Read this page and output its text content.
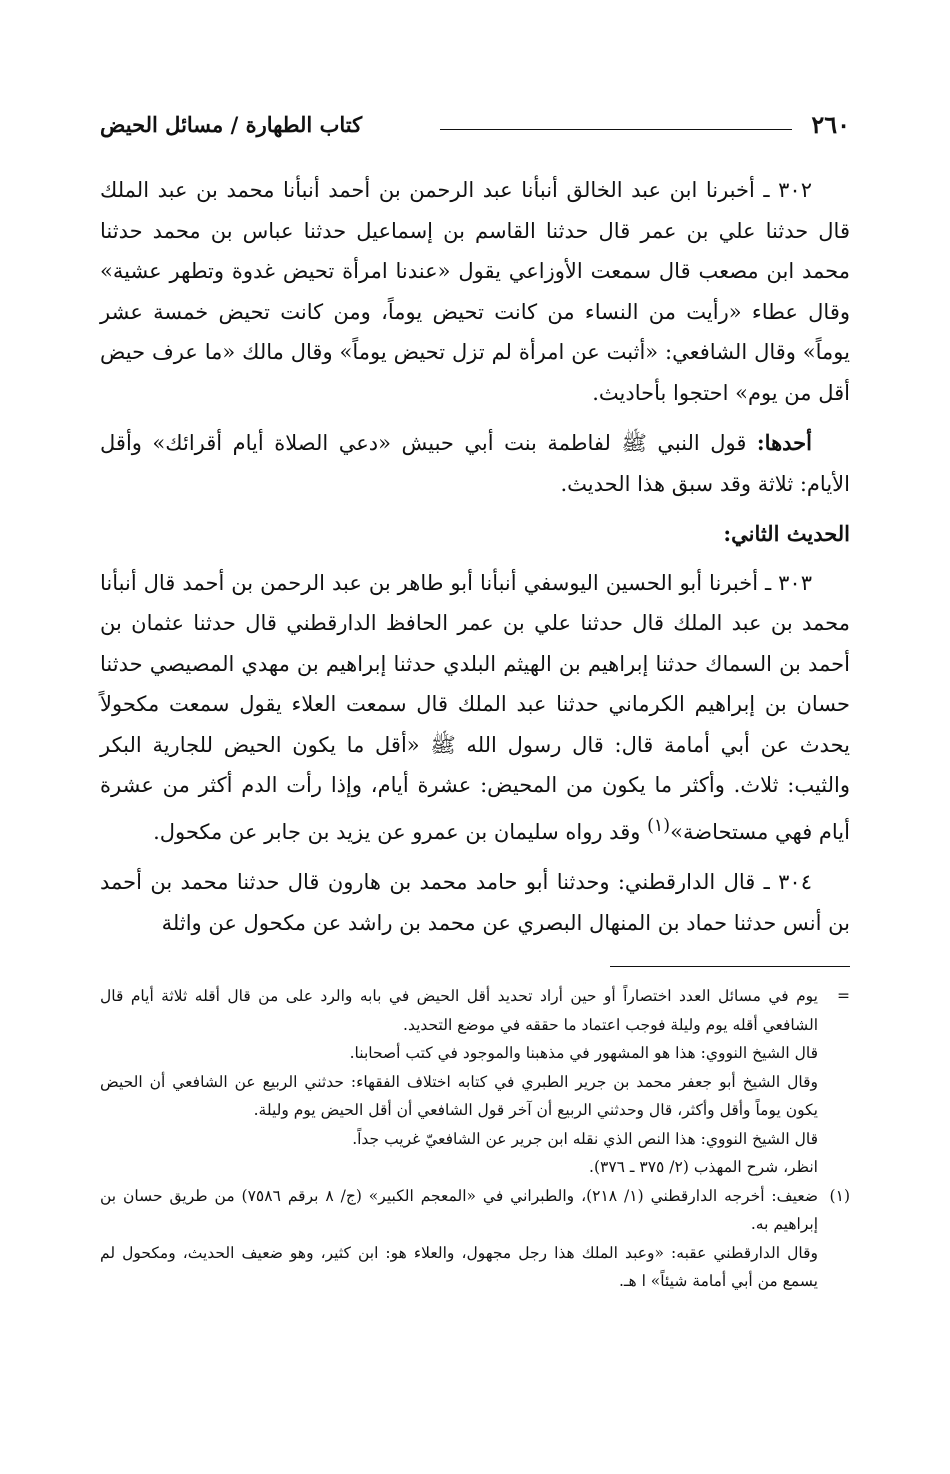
٢٦٠
كتاب الطهارة / مسائل الحيض

٣٠٢ ـ أخبرنا ابن عبد الخالق أنبأنا عبد الرحمن بن أحمد أنبأنا محمد بن عبد الملك قال حدثنا علي بن عمر قال حدثنا القاسم بن إسماعيل حدثنا عباس بن محمد حدثنا محمد ابن مصعب قال سمعت الأوزاعي يقول «عندنا امرأة تحيض غدوة وتطهر عشية» وقال عطاء «رأيت من النساء من كانت تحيض يوماً، ومن كانت تحيض خمسة عشر يوماً» وقال الشافعي: «أثبت عن امرأة لم تزل تحيض يوماً» وقال مالك «ما عرف حيض أقل من يوم» احتجوا بأحاديث.

أحدها: قول النبي ﷺ لفاطمة بنت أبي حبيش «دعي الصلاة أيام أقرائك» وأقل الأيام: ثلاثة وقد سبق هذا الحديث.

الحديث الثاني:

٣٠٣ ـ أخبرنا أبو الحسين اليوسفي أنبأنا أبو طاهر بن عبد الرحمن بن أحمد قال أنبأنا محمد بن عبد الملك قال حدثنا علي بن عمر الحافظ الدارقطني قال حدثنا عثمان بن أحمد بن السماك حدثنا إبراهيم بن الهيثم البلدي حدثنا إبراهيم بن مهدي المصيصي حدثنا حسان بن إبراهيم الكرماني حدثنا عبد الملك قال سمعت العلاء يقول سمعت مكحولاً يحدث عن أبي أمامة قال: قال رسول الله ﷺ «أقل ما يكون الحيض للجارية البكر والثيب: ثلاث. وأكثر ما يكون من المحيض: عشرة أيام، وإذا رأت الدم أكثر من عشرة أيام فهي مستحاضة»$^{(١)}$ وقد رواه سليمان بن عمرو عن يزيد بن جابر عن مكحول.

٣٠٤ ـ قال الدارقطني: وحدثنا أبو حامد محمد بن هارون قال حدثنا محمد بن أحمد بن أنس حدثنا حماد بن المنهال البصري عن محمد بن راشد عن مكحول عن واثلة

=

يوم في مسائل العدد اختصاراً أو حين أراد تحديد أقل الحيض في بابه والرد على من قال أقله ثلاثة أيام قال الشافعي أقله يوم وليلة فوجب اعتماد ما حققه في موضع التحديد.

قال الشيخ النووي: هذا هو المشهور في مذهبنا والموجود في كتب أصحابنا.

وقال الشيخ أبو جعفر محمد بن جرير الطبري في كتابه اختلاف الفقهاء: حدثني الربيع عن الشافعي أن الحيض يكون يوماً وأقل وأكثر، قال وحدثني الربيع أن آخر قول الشافعي أن أقل الحيض يوم وليلة.

قال الشيخ النووي: هذا النص الذي نقله ابن جرير عن الشافعيّ غريب جداً.

انظر، شرح المهذب (٢/ ٣٧٥ ـ ٣٧٦).

(١)

ضعيف: أخرجه الدارقطني (١/ ٢١٨)، والطبراني في «المعجم الكبير» (ج/ ٨ برقم ٧٥٨٦) من طريق حسان بن إبراهيم به.

وقال الدارقطني عقبه: «وعبد الملك هذا رجل مجهول، والعلاء هو: ابن كثير، وهو ضعيف الحديث، ومكحول لم يسمع من أبي أمامة شيئاً» ا هـ.
